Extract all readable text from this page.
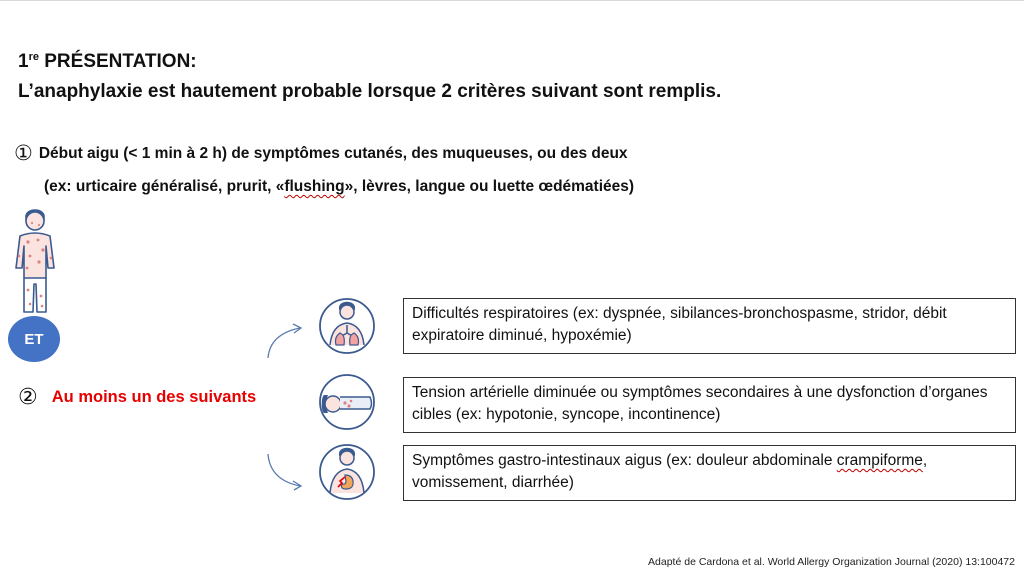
1re PRÉSENTATION:
L’anaphylaxie est hautement probable lorsque 2 critères suivant sont remplis.
① Début aigu (< 1 min à 2 h) de symptômes cutanés, des muqueuses, ou des deux
(ex: urticaire généralisé, prurit, «flushing», lèvres, langue ou luette œdématiées)
ET
② Au moins un des suivants
Difficultés respiratoires (ex: dyspnée, sibilances-bronchospasme, stridor, débit expiratoire diminué, hypoxémie)
Tension artérielle diminuée ou symptômes secondaires à une dysfonction d’organes cibles (ex: hypotonie, syncope, incontinence)
Symptômes gastro-intestinaux aigus (ex: douleur abdominale crampiforme, vomissement, diarrhée)
Adapté de Cardona et al. World Allergy Organization Journal (2020) 13:100472
